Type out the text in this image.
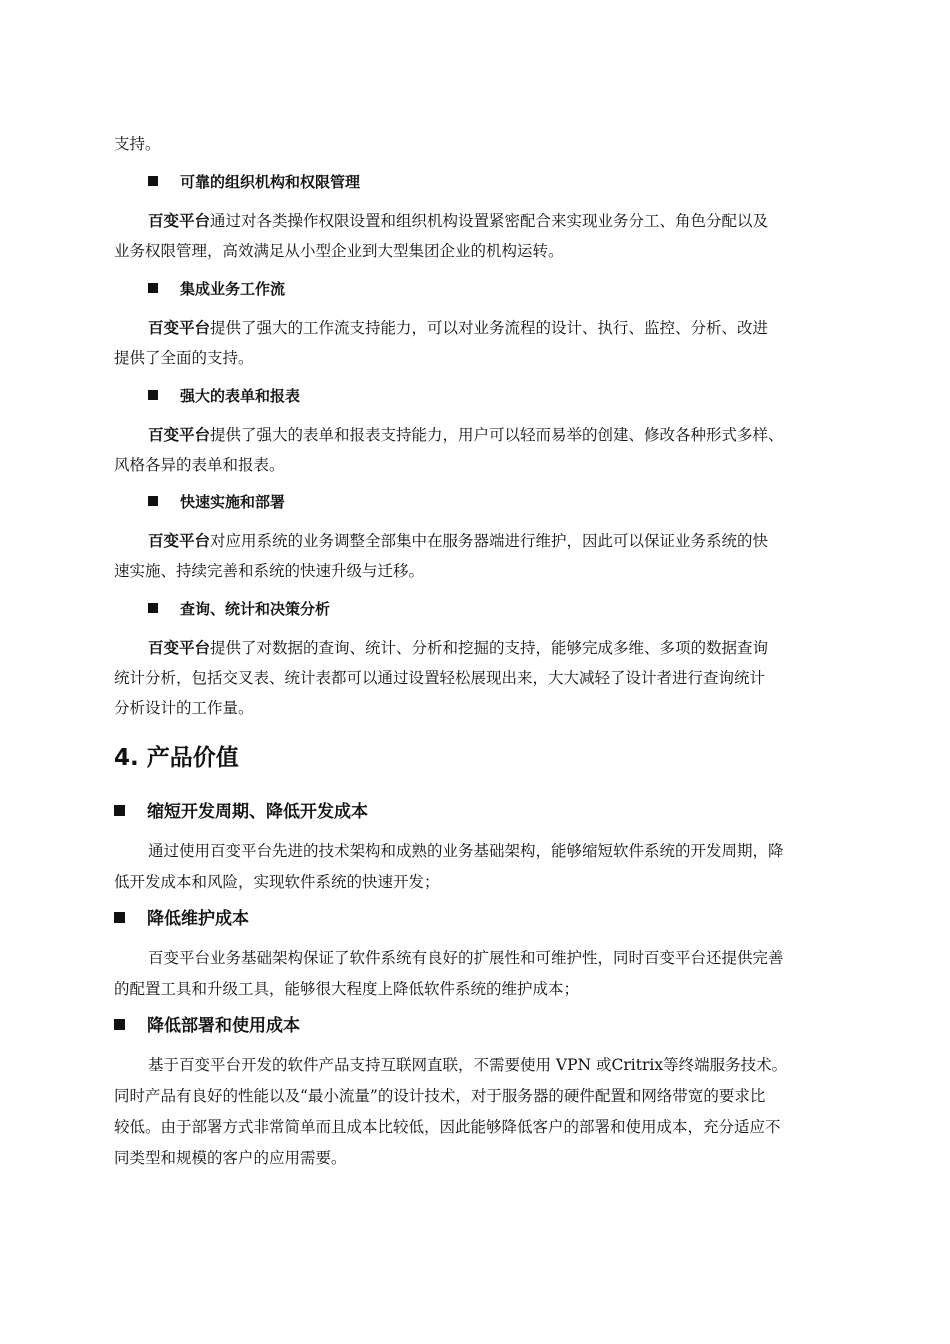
支持。
可靠的组织机构和权限管理
百变平台通过对各类操作权限设置和组织机构设置紧密配合来实现业务分工、角色分配以及
业务权限管理，高效满足从小型企业到大型集团企业的机构运转。
集成业务工作流
百变平台提供了强大的工作流支持能力，可以对业务流程的设计、执行、监控、分析、改进
提供了全面的支持。
强大的表单和报表
百变平台提供了强大的表单和报表支持能力，用户可以轻而易举的创建、修改各种形式多样、
风格各异的表单和报表。
快速实施和部署
百变平台对应用系统的业务调整全部集中在服务器端进行维护，因此可以保证业务系统的快
速实施、持续完善和系统的快速升级与迁移。
查询、统计和决策分析
百变平台提供了对数据的查询、统计、分析和挖掘的支持，能够完成多维、多项的数据查询
统计分析，包括交叉表、统计表都可以通过设置轻松展现出来，大大减轻了设计者进行查询统计
分析设计的工作量。
4. 产品价值
缩短开发周期、降低开发成本
通过使用百变平台先进的技术架构和成熟的业务基础架构，能够缩短软件系统的开发周期，降
低开发成本和风险，实现软件系统的快速开发；
降低维护成本
百变平台业务基础架构保证了软件系统有良好的扩展性和可维护性，同时百变平台还提供完善
的配置工具和升级工具，能够很大程度上降低软件系统的维护成本；
降低部署和使用成本
基于百变平台开发的软件产品支持互联网直联，不需要使用 VPN 或Critrix等终端服务技术。
同时产品有良好的性能以及“最小流量”的设计技术，对于服务器的硬件配置和网络带宽的要求比
较低。由于部署方式非常简单而且成本比较低，因此能够降低客户的部署和使用成本，充分适应不
同类型和规模的客户的应用需要。
